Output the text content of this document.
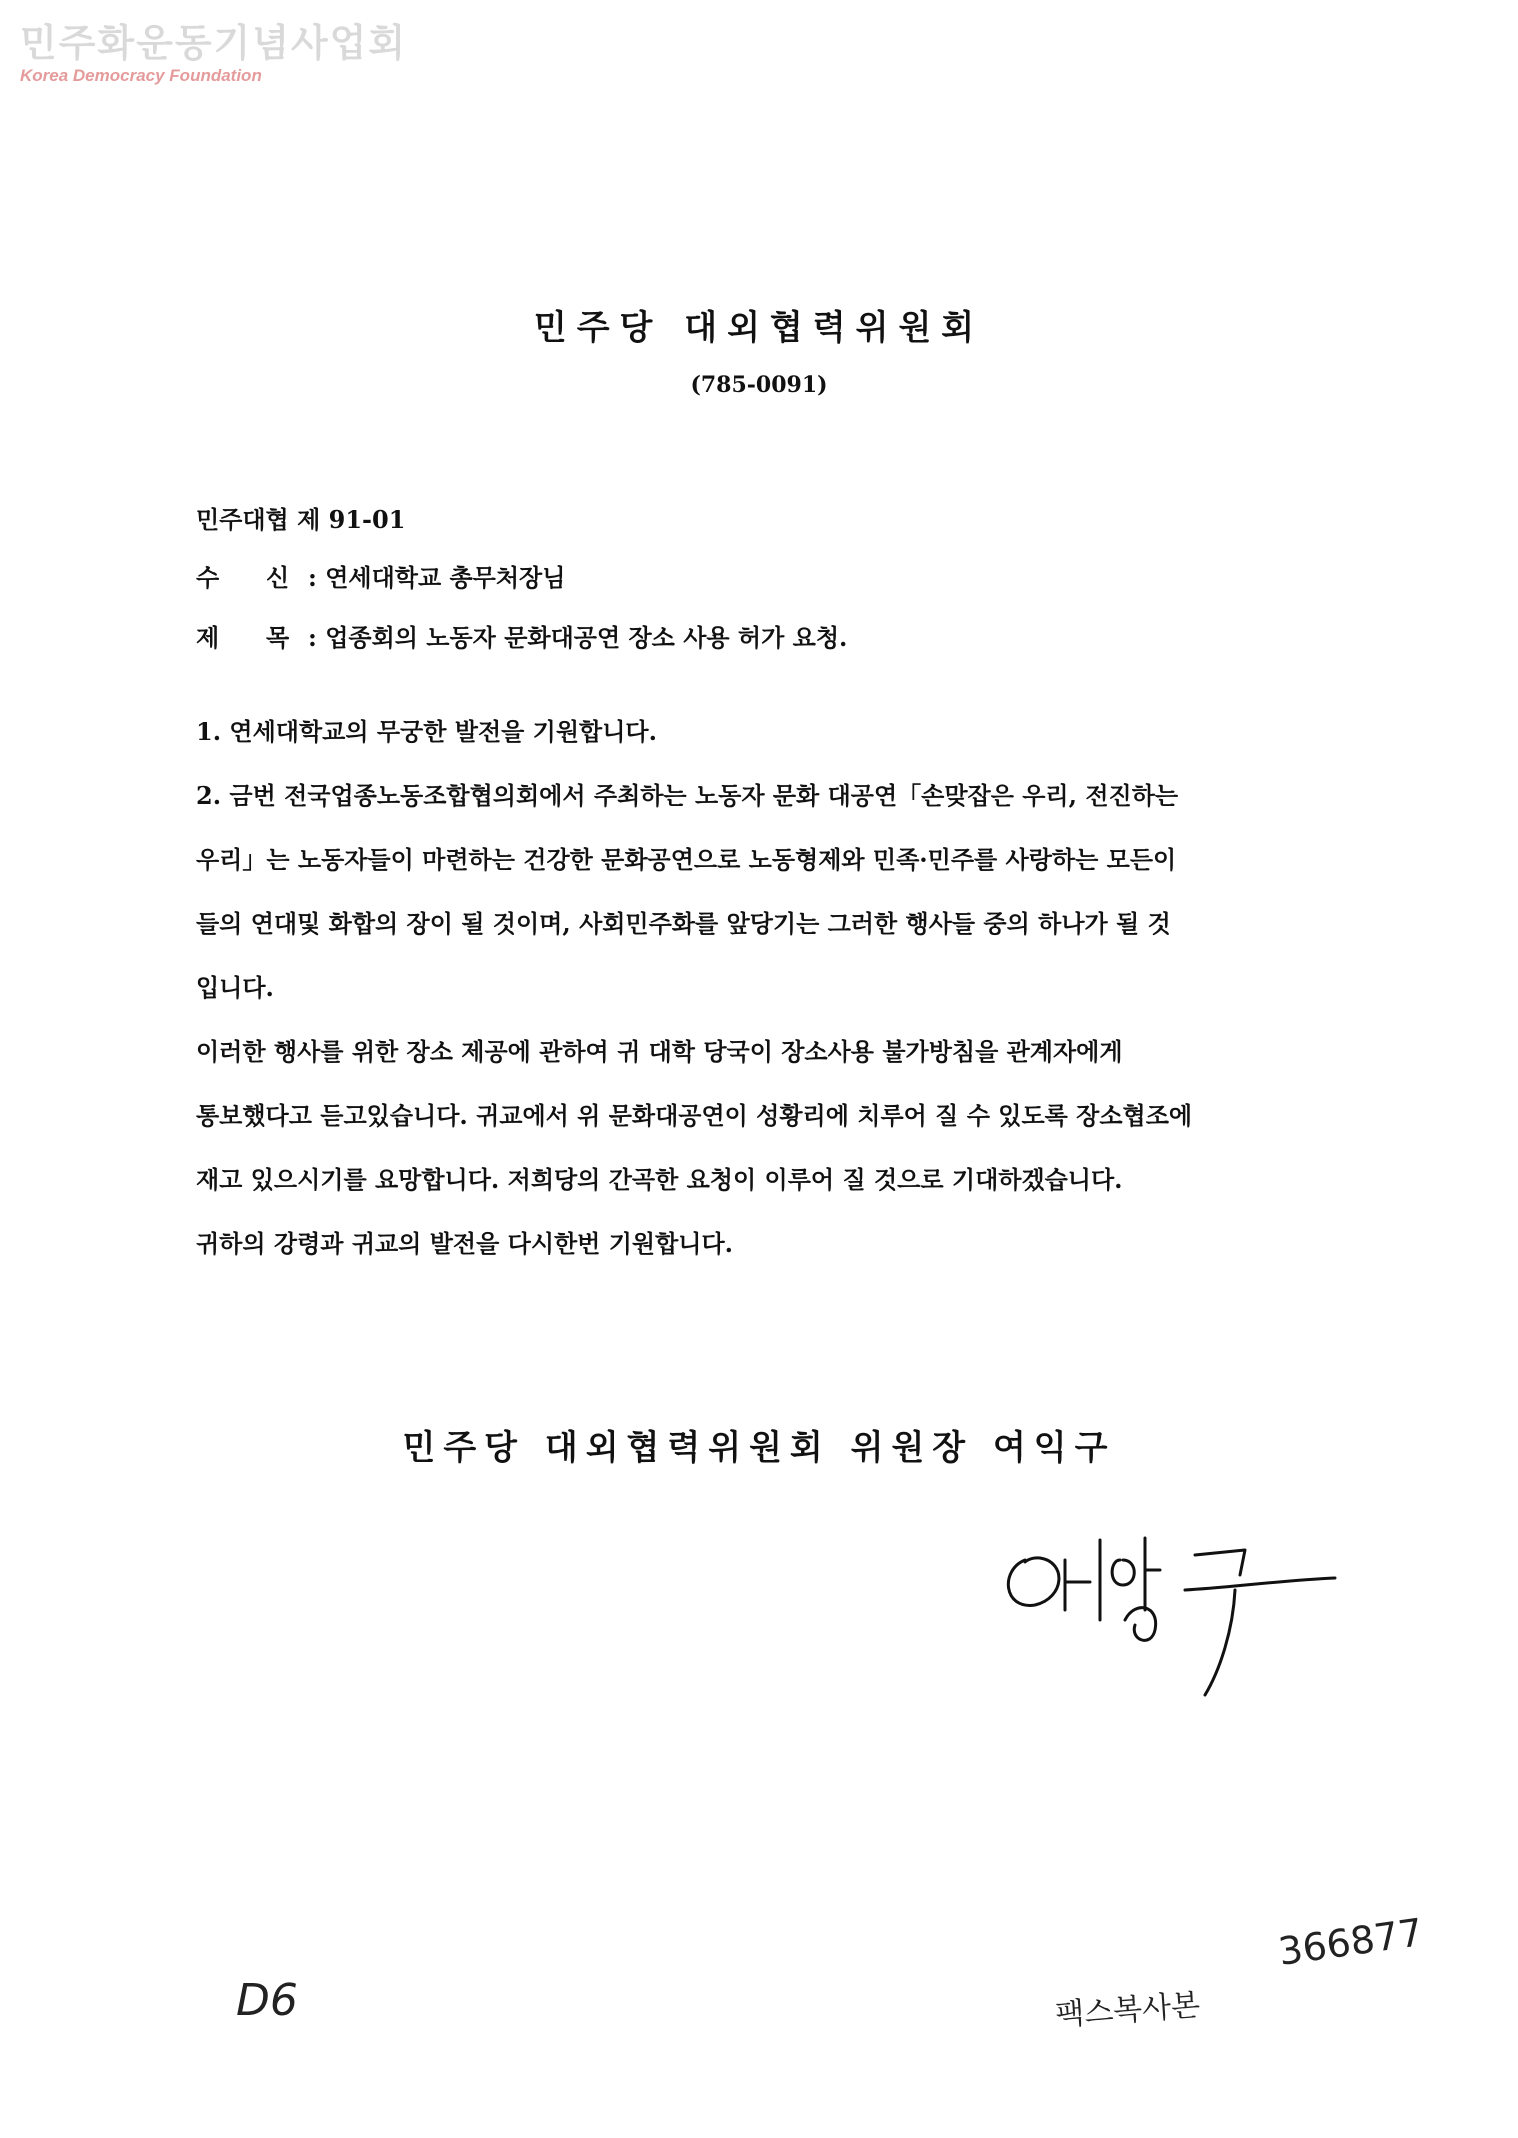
민주화운동기념사업회
Korea Democracy Foundation
민주당 대외협력위원회
(785-0091)
민주대협 제 91-01
수 신 : 연세대학교 총무처장님
제 목 : 업종회의 노동자 문화대공연 장소 사용 허가 요청.

1. 연세대학교의 무궁한 발전을 기원합니다.

2. 금번 전국업종노동조합협의회에서 주최하는 노동자 문화 대공연「손맞잡은 우리, 전진하는

우리」는 노동자들이 마련하는 건강한 문화공연으로 노동형제와 민족·민주를 사랑하는 모든이

들의 연대및 화합의 장이 될 것이며, 사회민주화를 앞당기는 그러한 행사들 중의 하나가 될 것

입니다.

이러한 행사를 위한 장소 제공에 관하여 귀 대학 당국이 장소사용 불가방침을 관계자에게

통보했다고 듣고있습니다. 귀교에서 위 문화대공연이 성황리에 치루어 질 수 있도록 장소협조에

재고 있으시기를 요망합니다. 저희당의 간곡한 요청이 이루어 질 것으로 기대하겠습니다.

귀하의 강령과 귀교의 발전을 다시한번 기원합니다.

민주당 대외협력위원회 위원장 여익구
D6	팩스복사본
366877
